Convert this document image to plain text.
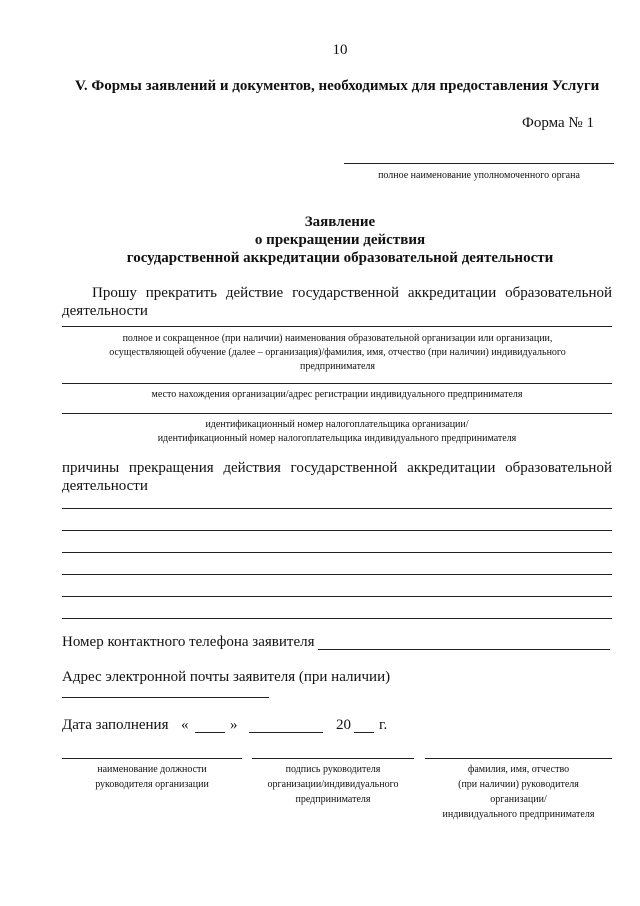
10
V. Формы заявлений и документов, необходимых для предоставления Услуги
Форма № 1
полное наименование уполномоченного органа
Заявление
о прекращении действия
государственной аккредитации образовательной деятельности
Прошу прекратить действие государственной аккредитации образовательной
деятельности
полное и сокращенное (при наличии) наименования образовательной организации или организации,
осуществляющей обучение (далее – организация)/фамилия, имя, отчество (при наличии) индивидуального
предпринимателя
место нахождения организации/адрес регистрации индивидуального предпринимателя
идентификационный номер налогоплательщика организации/
идентификационный номер налогоплательщика индивидуального предпринимателя
причины прекращения действия государственной аккредитации образовательной
деятельности
Номер контактного телефона заявителя
Адрес электронной почты заявителя (при наличии)
Дата заполнения «	»	20 г.
наименование должности
руководителя организации
подпись руководителя
организации/индивидуального
предпринимателя
фамилия, имя, отчество
(при наличии) руководителя
организации/
индивидуального предпринимателя
